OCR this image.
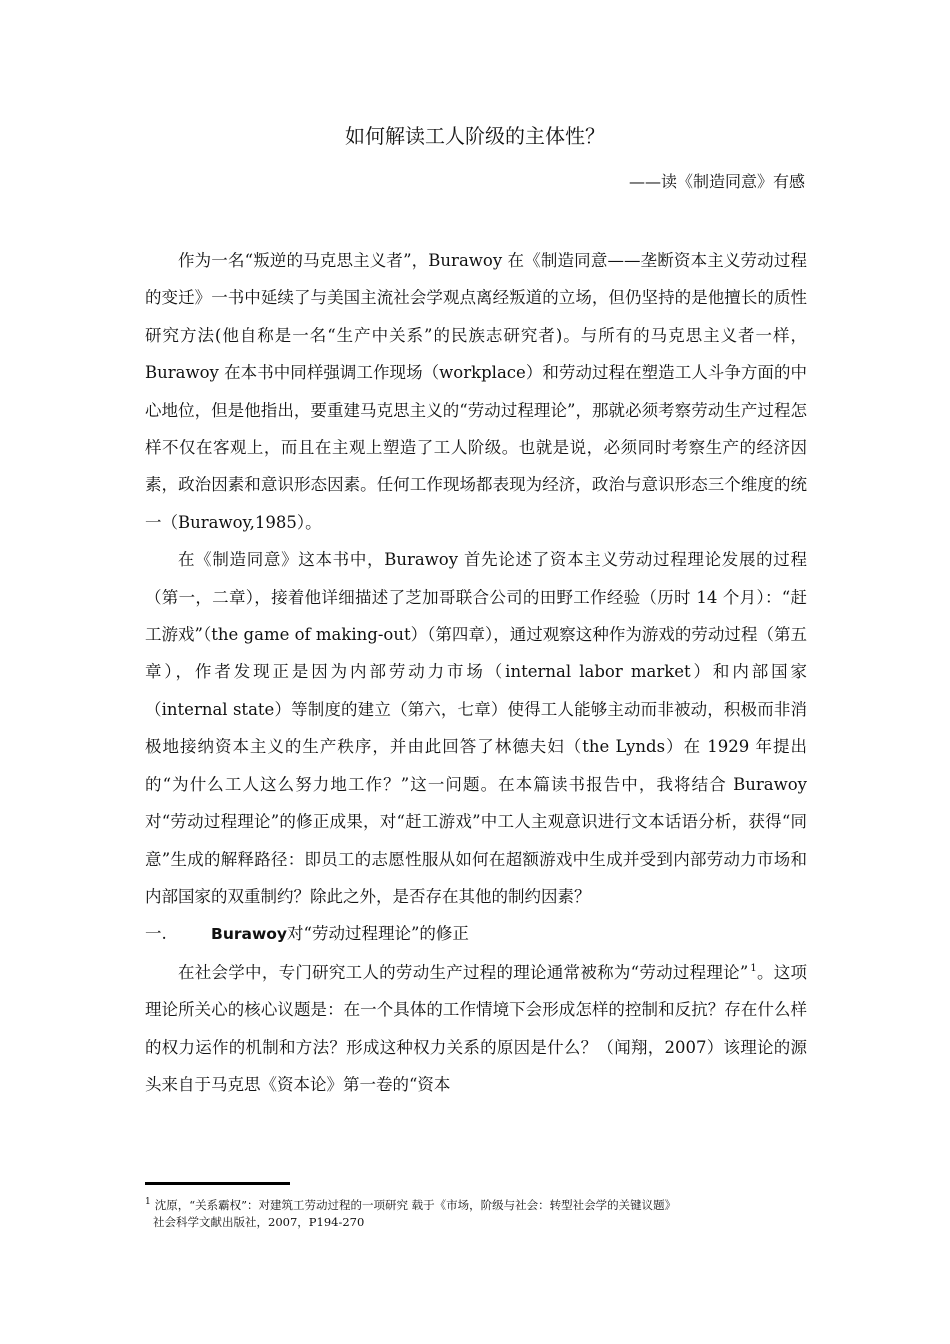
如何解读工人阶级的主体性？
——读《制造同意》有感

作为一名“叛逆的马克思主义者”，Burawoy 在《制造同意——垄断资本主义劳动过程的变迁》一书中延续了与美国主流社会学观点离经叛道的立场，但仍坚持的是他擅长的质性研究方法(他自称是一名“生产中关系”的民族志研究者)。与所有的马克思主义者一样，Burawoy 在本书中同样强调工作现场（workplace）和劳动过程在塑造工人斗争方面的中心地位，但是他指出，要重建马克思主义的“劳动过程理论”，那就必须考察劳动生产过程怎样不仅在客观上，而且在主观上塑造了工人阶级。也就是说，必须同时考察生产的经济因素，政治因素和意识形态因素。任何工作现场都表现为经济，政治与意识形态三个维度的统一（Burawoy,1985）。

在《制造同意》这本书中，Burawoy 首先论述了资本主义劳动过程理论发展的过程（第一，二章），接着他详细描述了芝加哥联合公司的田野工作经验（历时 14 个月）：“赶工游戏”（the game of making-out）（第四章），通过观察这种作为游戏的劳动过程（第五章），作者发现正是因为内部劳动力市场（internal labor market）和内部国家（internal state）等制度的建立（第六，七章）使得工人能够主动而非被动，积极而非消极地接纳资本主义的生产秩序，并由此回答了林德夫妇（the Lynds）在 1929 年提出的“为什么工人这么努力地工作？”这一问题。在本篇读书报告中，我将结合 Burawoy 对“劳动过程理论”的修正成果，对“赶工游戏”中工人主观意识进行文本话语分析，获得“同意”生成的解释路径：即员工的志愿性服从如何在超额游戏中生成并受到内部劳动力市场和内部国家的双重制约？除此之外，是否存在其他的制约因素？

一.	Burawoy 对“劳动过程理论”的修正

在社会学中，专门研究工人的劳动生产过程的理论通常被称为“劳动过程理论” $^1$。这项理论所关心的核心议题是：在一个具体的工作情境下会形成怎样的控制和反抗？存在什么样的权力运作的机制和方法？形成这种权力关系的原因是什么？（闻翔，2007）该理论的源头来自于马克思《资本论》第一卷的“资本

$^1$ 沈原，“关系霸权”：对建筑工劳动过程的一项研究 载于《市场，阶级与社会：转型社会学的关键议题》
社会科学文献出版社，2007，P194-270
